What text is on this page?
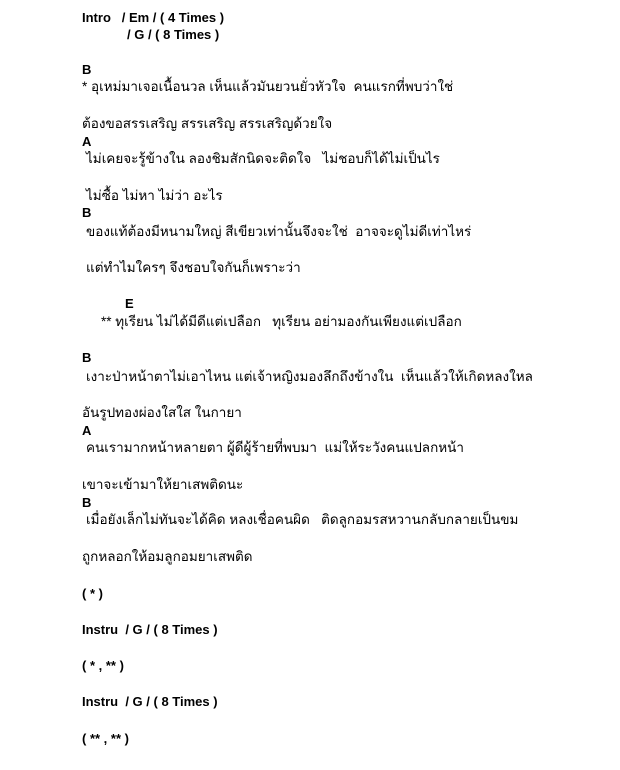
Intro   / Em / ( 4 Times )
/ G / ( 8 Times )
B
* อุเหม่มาเจอเนื้อนวล เห็นแล้วมันยวนยั่วหัวใจ  คนแรกที่พบว่าใช่
ต้องขอสรรเสริญ สรรเสริญ สรรเสริญด้วยใจ
A
ไม่เคยจะรู้ข้างใน ลองชิมสักนิดจะติดใจ   ไม่ชอบก็ได้ไม่เป็นไร
ไม่ซื้อ ไม่หา ไม่ว่า อะไร
B
ของแท้ต้องมีหนามใหญ่ สีเขียวเท่านั้นจึงจะใช่  อาจจะดูไม่ดีเท่าไหร่
แต่ทำไมใครๆ จึงชอบใจกันก็เพราะว่า
E
** ทุเรียน ไม่ได้มีดีแต่เปลือก   ทุเรียน อย่ามองกันเพียงแต่เปลือก
B
เงาะป่าหน้าตาไม่เอาไหน แต่เจ้าหญิงมองลึกถึงข้างใน  เห็นแล้วให้เกิดหลงใหล
อันรูปทองผ่องใสใส ในกายา
A
คนเรามากหน้าหลายตา ผู้ดีผู้ร้ายที่พบมา  แม่ให้ระวังคนแปลกหน้า
เขาจะเข้ามาให้ยาเสพติดนะ
B
เมื่อยังเล็กไม่ทันจะได้คิด หลงเชื่อคนผิด   ติดลูกอมรสหวานกลับกลายเป็นขม
ถูกหลอกให้อมลูกอมยาเสพติด
( * )
Instru  / G / ( 8 Times )
( * , ** )
Instru  / G / ( 8 Times )
( ** , ** )
